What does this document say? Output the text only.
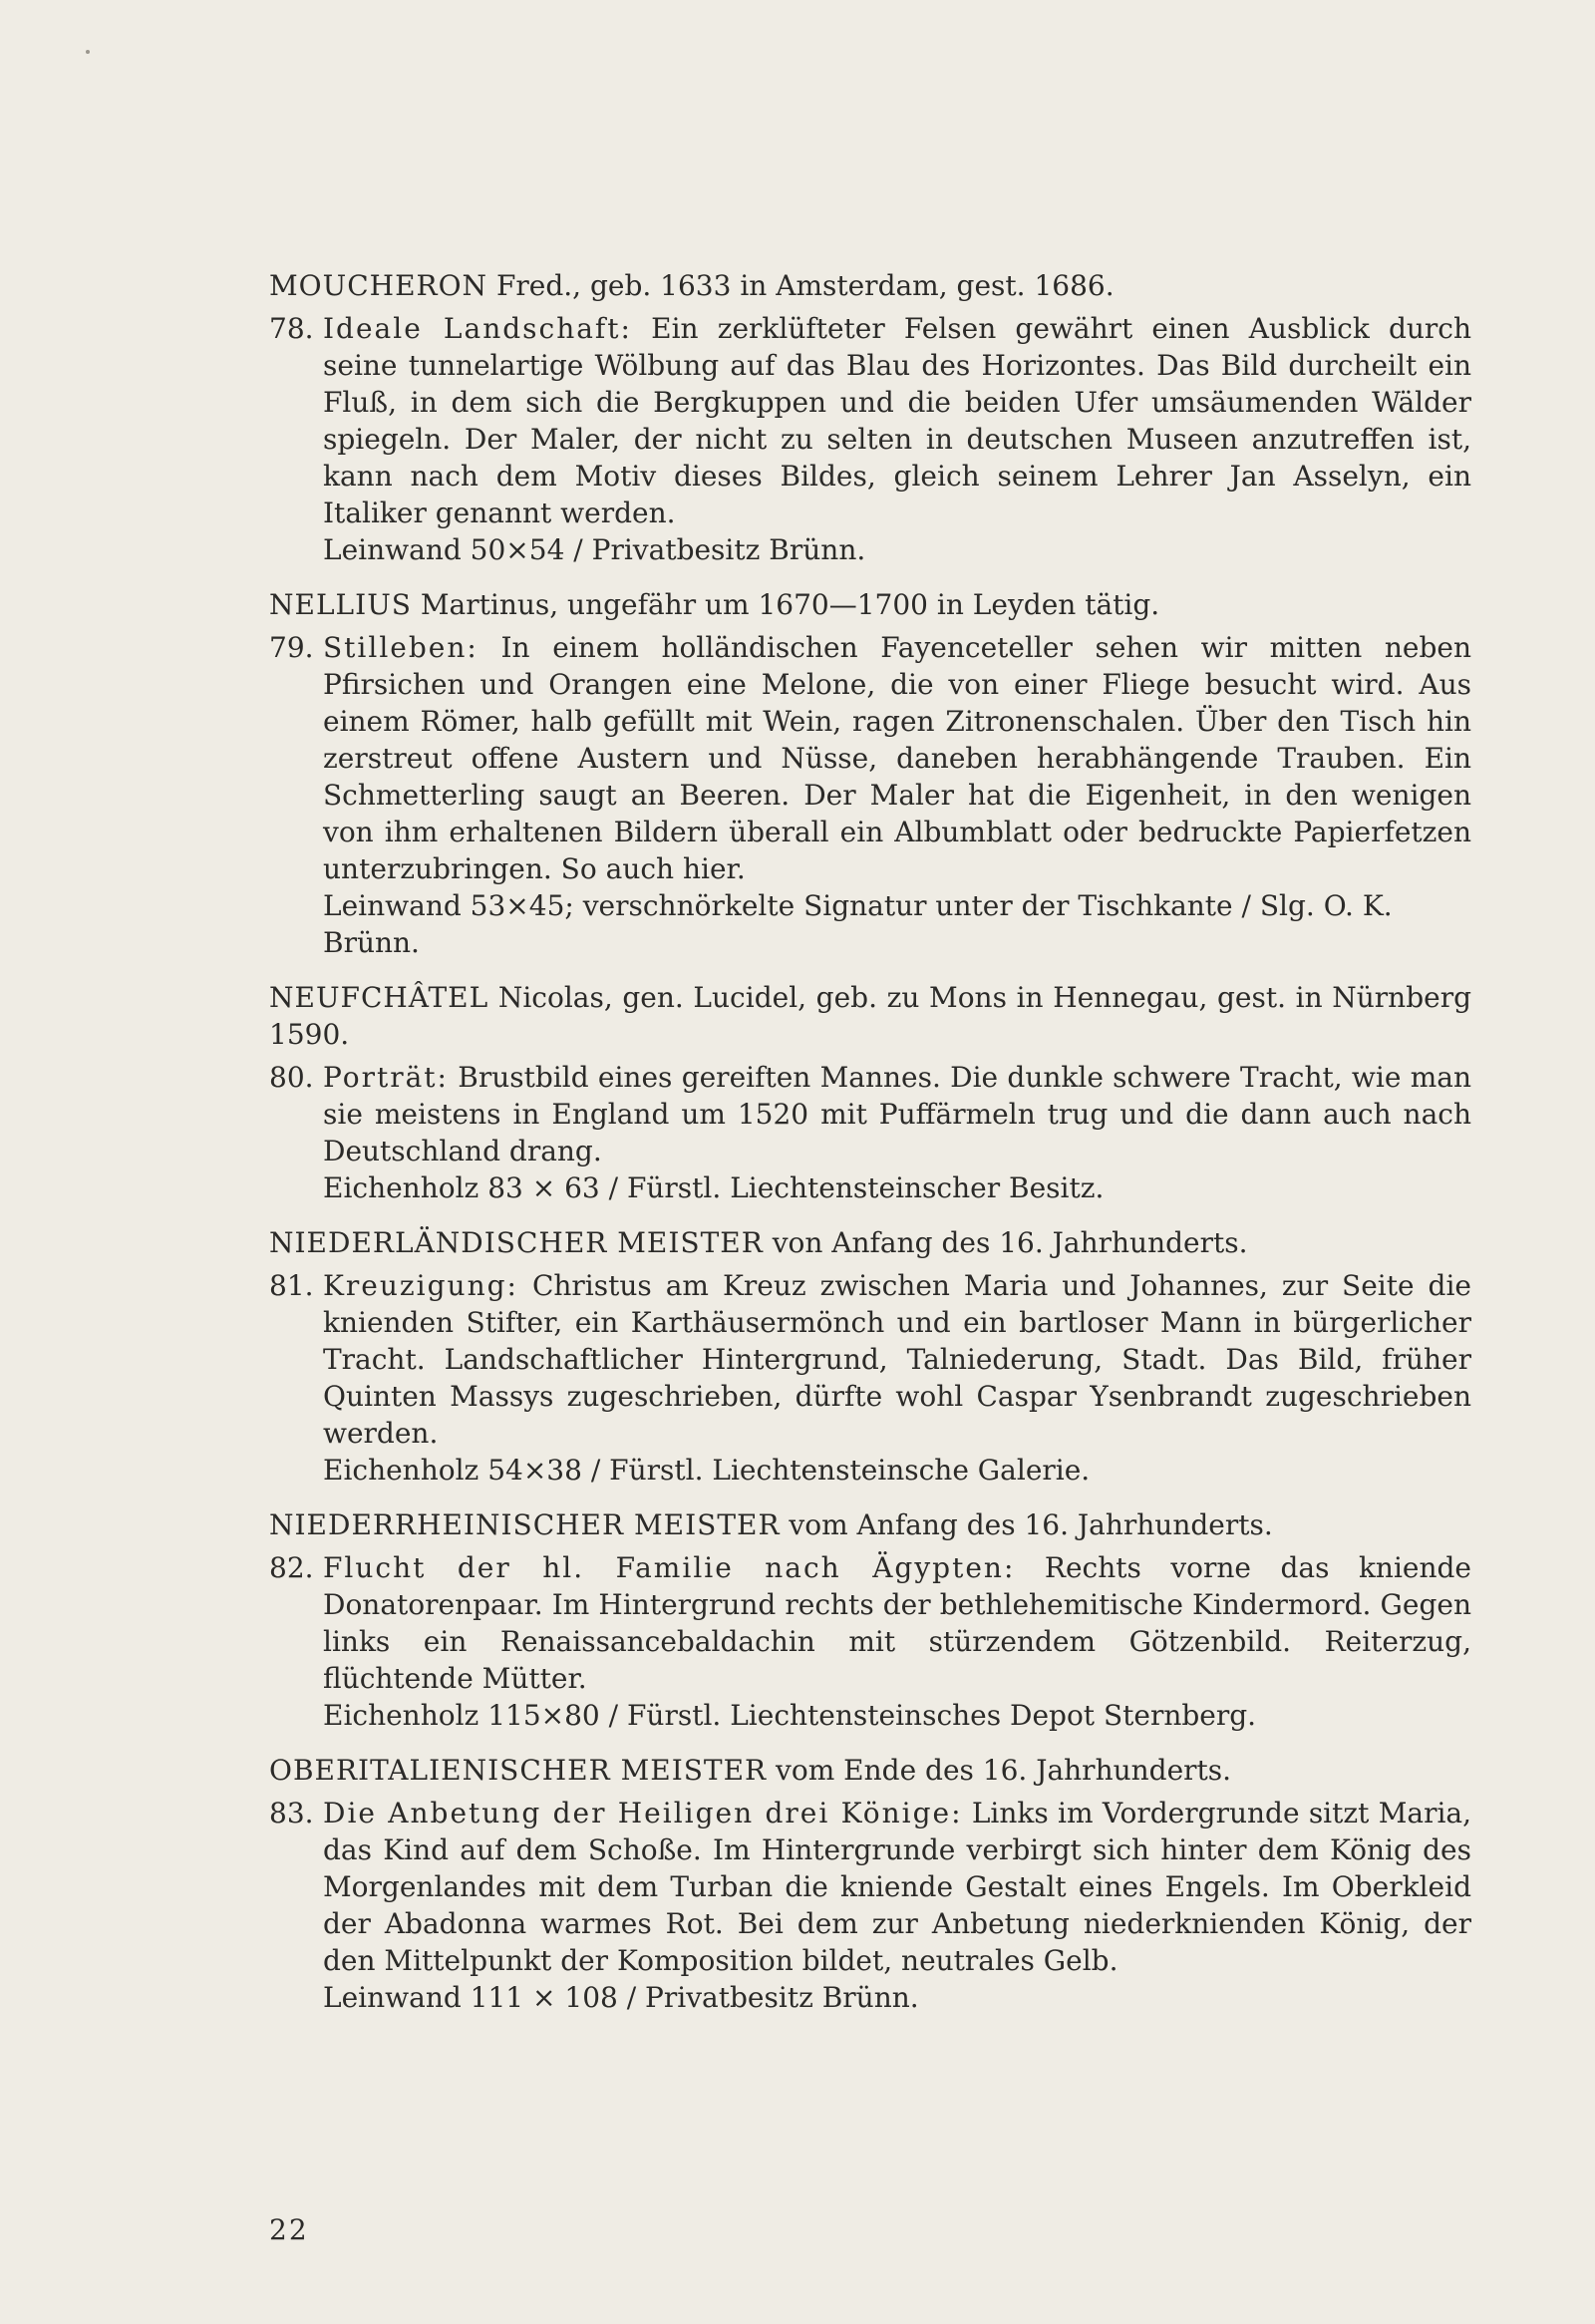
MOUCHERON Fred., geb. 1633 in Amsterdam, gest. 1686.
78. Ideale Landschaft: Ein zerklüfteter Felsen gewährt einen Ausblick durch seine tunnelartige Wölbung auf das Blau des Horizontes. Das Bild durcheilt ein Fluß, in dem sich die Bergkuppen und die beiden Ufer umsäumenden Wälder spiegeln. Der Maler, der nicht zu selten in deutschen Museen anzutreffen ist, kann nach dem Motiv dieses Bildes, gleich seinem Lehrer Jan Asselyn, ein Italiker genannt werden.
Leinwand 50×54 / Privatbesitz Brünn.
NELLIUS Martinus, ungefähr um 1670—1700 in Leyden tätig.
79. Stilleben: In einem holländischen Fayenceteller sehen wir mitten neben Pfirsichen und Orangen eine Melone, die von einer Fliege besucht wird. Aus einem Römer, halb gefüllt mit Wein, ragen Zitronenschalen. Über den Tisch hin zerstreut offene Austern und Nüsse, daneben herabhängende Trauben. Ein Schmetterling saugt an Beeren. Der Maler hat die Eigenheit, in den wenigen von ihm erhaltenen Bildern überall ein Albumblatt oder bedruckte Papierfetzen unterzubringen. So auch hier.
Leinwand 53×45; verschnörkelte Signatur unter der Tischkante / Slg. O. K. Brünn.
NEUFCHÂTEL Nicolas, gen. Lucidel, geb. zu Mons in Hennegau, gest. in Nürnberg 1590.
80. Porträt: Brustbild eines gereiften Mannes. Die dunkle schwere Tracht, wie man sie meistens in England um 1520 mit Puffärmeln trug und die dann auch nach Deutschland drang.
Eichenholz 83 × 63 / Fürstl. Liechtensteinscher Besitz.
NIEDERLÄNDISCHER MEISTER von Anfang des 16. Jahrhunderts.
81. Kreuzigung: Christus am Kreuz zwischen Maria und Johannes, zur Seite die knienden Stifter, ein Karthäusermönch und ein bartloser Mann in bürgerlicher Tracht. Landschaftlicher Hintergrund, Talniederung, Stadt. Das Bild, früher Quinten Massys zugeschrieben, dürfte wohl Caspar Ysenbrandt zugeschrieben werden.
Eichenholz 54×38 / Fürstl. Liechtensteinsche Galerie.
NIEDERRHEINISCHER MEISTER vom Anfang des 16. Jahrhunderts.
82. Flucht der hl. Familie nach Ägypten: Rechts vorne das kniende Donatorenpaar. Im Hintergrund rechts der bethlehemitische Kindermord. Gegen links ein Renaissancebaldachin mit stürzendem Götzenbild. Reiterzug, flüchtende Mütter.
Eichenholz 115×80 / Fürstl. Liechtensteinsches Depot Sternberg.
OBERITALIENISCHER MEISTER vom Ende des 16. Jahrhunderts.
83. Die Anbetung der Heiligen drei Könige: Links im Vordergrunde sitzt Maria, das Kind auf dem Schoße. Im Hintergrunde verbirgt sich hinter dem König des Morgenlandes mit dem Turban die kniende Gestalt eines Engels. Im Oberkleid der Abadonna warmes Rot. Bei dem zur Anbetung niederknienden König, der den Mittelpunkt der Komposition bildet, neutrales Gelb.
Leinwand 111 × 108 / Privatbesitz Brünn.
22
